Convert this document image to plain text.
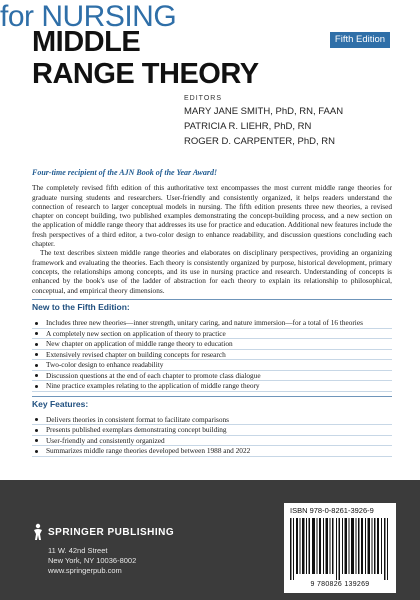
MIDDLE
RANGE THEORY
for NURSING
Fifth Edition
EDITORS
MARY JANE SMITH, PhD, RN, FAAN
PATRICIA R. LIEHR, PhD, RN
ROGER D. CARPENTER, PhD, RN
Four-time recipient of the AJN Book of the Year Award!

The completely revised fifth edition of this authoritative text encompasses the most current middle range theories for graduate nursing students and researchers. User-friendly and consistently organized, it helps readers understand the connection of research to larger conceptual models in nursing. The fifth edition presents three new theories, a revised chapter on concept building, two published examples demonstrating the concept-building process, and a new section on the application of middle range theory that addresses its use for practice and education. Additional new features include the fresh perspectives of a third editor, a two-color design to enhance readability, and discussion questions concluding each chapter.

The text describes sixteen middle range theories and elaborates on disciplinary perspectives, providing an organizing framework and evaluating the theories. Each theory is consistently organized by purpose, historical development, primary concepts, the relationships among concepts, and its use in nursing practice and research. Understanding of concepts is enhanced by the book's use of the ladder of abstraction for each theory to explain its relationship to philosophical, conceptual, and empirical theory dimensions.

New to the Fifth Edition:
Includes three new theories—inner strength, unitary caring, and nature immersion—for a total of 16 theories
A completely new section on application of theory to practice
New chapter on application of middle range theory to education
Extensively revised chapter on building concepts for research
Two-color design to enhance readability
Discussion questions at the end of each chapter to promote class dialogue
Nine practice examples relating to the application of middle range theory
Key Features:
Delivers theories in consistent format to facilitate comparisons
Presents published exemplars demonstrating concept building
User-friendly and consistently organized
Summarizes middle range theories developed between 1988 and 2022
SPRINGER PUBLISHING
11 W. 42nd Street
New York, NY 10036-8002
www.springerpub.com
ISBN 978-0-8261-3926-9
9 780826 139269
